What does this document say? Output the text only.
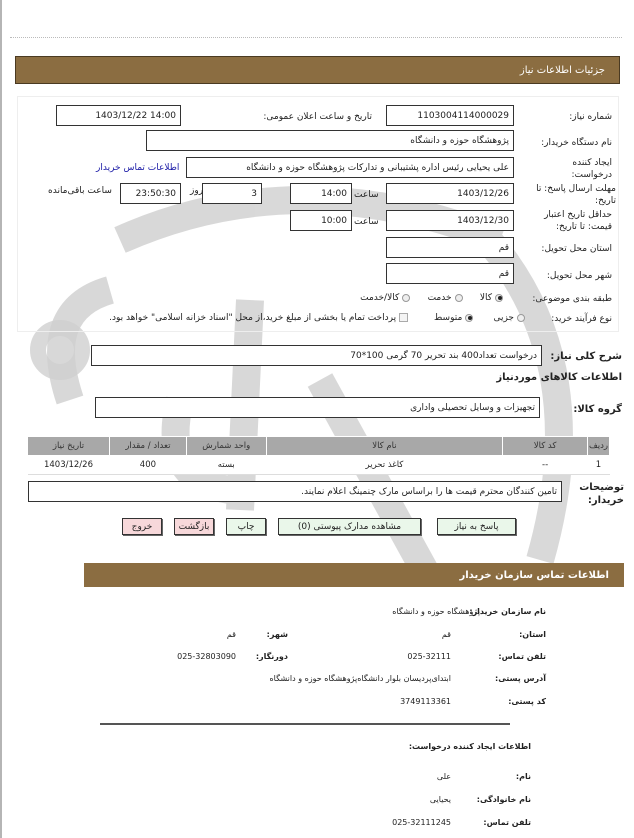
جزئیات اطلاعات نیاز
شماره نیاز:
1103004114000029
تاریخ و ساعت اعلان عمومی:
1403/12/22 14:00
نام دستگاه خریدار:
پژوهشگاه حوزه و دانشگاه
ایجاد کننده درخواست:
علی یحیایی رئیس اداره پشتیبانی و تدارکات پژوهشگاه حوزه و دانشگاه
اطلاعات تماس خریدار
مهلت ارسال پاسخ: تا تاریخ:
1403/12/26
ساعت
14:00
3
روز
23:50:30
ساعت باقی‌مانده
حداقل تاریخ اعتبار قیمت: تا تاریخ:
1403/12/30
ساعت
10:00
استان محل تحویل:
قم
شهر محل تحویل:
قم
طبقه بندی موضوعی:
کالا     خدمت     کالا/خدمت
نوع فرآیند خرید:
جزیی      متوسط        پرداخت تمام یا بخشی از مبلغ خرید،از محل "اسناد خزانه اسلامی" خواهد بود.
شرح کلی نیاز:
درخواست تعداد400 بند تحریر 70 گرمی 100*70
اطلاعات کالاهای موردنیاز
گروه کالا:
تجهیزات و وسایل تحصیلی واداری
ردیف	کد کالا	نام کالا	واحد شمارش	تعداد / مقدار	تاریخ نیاز
1	--	کاغذ تحریر	بسته	400	1403/12/26
توضیحات خریدار:
تامین کنندگان محترم قیمت ها را براساس مارک چنمینگ اعلام نمایند.
پاسخ به نیاز
مشاهده مدارک پیوستی (0)
چاپ
بازگشت
خروج
اطلاعات تماس سازمان خریدار
نام سازمان خریدار:
پژوهشگاه حوزه و دانشگاه
استان:
قم
شهر:
قم
تلفن تماس:
025-32111
دورنگار:
025-32803090
آدرس پستی:
ابتدای‌پردیسان بلوار دانشگاه‌پژوهشگاه حوزه و دانشگاه
کد پستی:
3749113361
اطلاعات ایجاد کننده درخواست:
نام:
علی
نام خانوادگی:
یحیایی
تلفن تماس:
025-32111245
